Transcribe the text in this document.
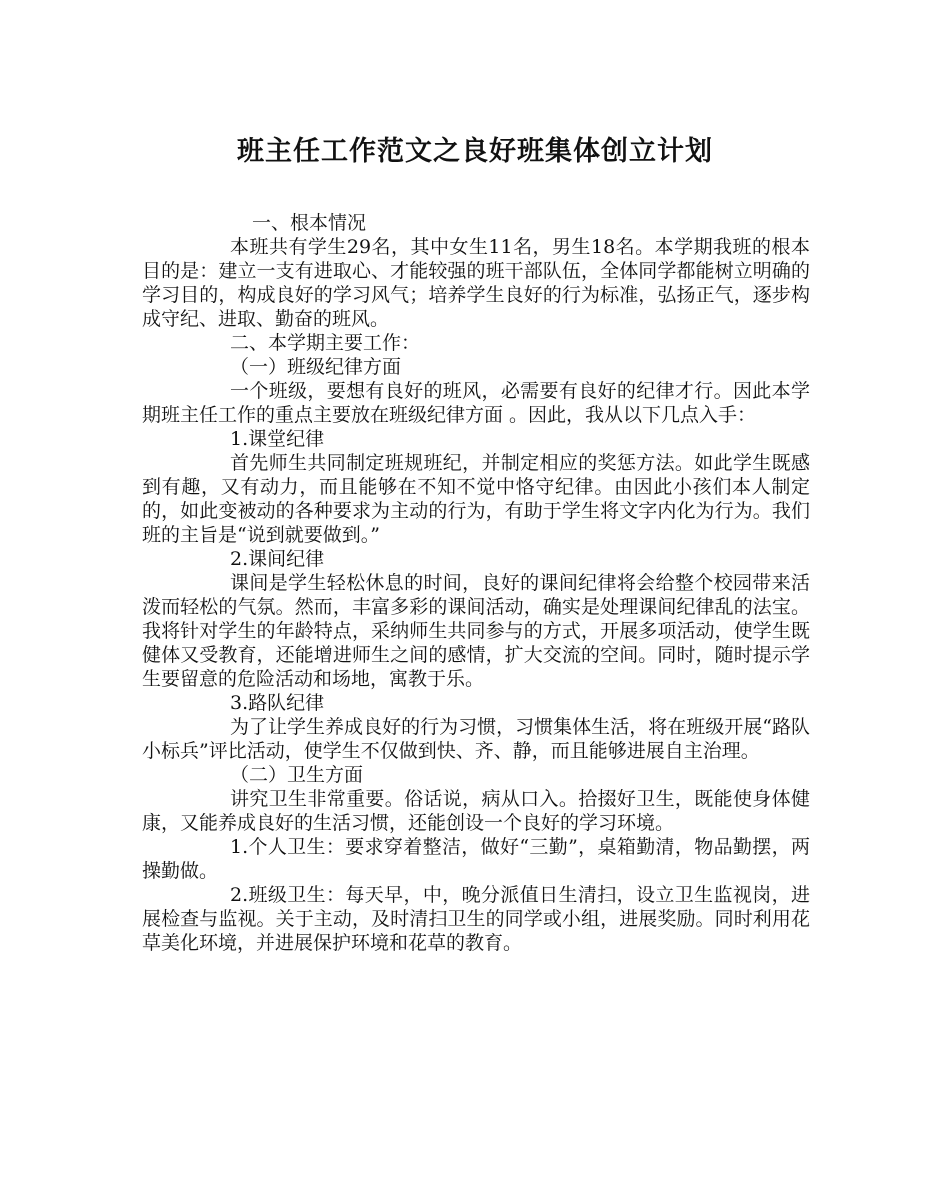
班主任工作范文之良好班集体创立计划

一、根本情况

本班共有学生29名，其中女生11名，男生18名。本学期我班的根本目的是：建立一支有进取心、才能较强的班干部队伍，全体同学都能树立明确的学习目的，构成良好的学习风气；培养学生良好的行为标准，弘扬正气，逐步构成守纪、进取、勤奋的班风。

二、本学期主要工作：

（一）班级纪律方面

一个班级，要想有良好的班风，必需要有良好的纪律才行。因此本学期班主任工作的重点主要放在班级纪律方面 。因此，我从以下几点入手：

1.课堂纪律

首先师生共同制定班规班纪，并制定相应的奖惩方法。如此学生既感到有趣，又有动力，而且能够在不知不觉中恪守纪律。由因此小孩们本人制定的，如此变被动的各种要求为主动的行为，有助于学生将文字内化为行为。我们班的主旨是“说到就要做到。”

2.课间纪律

课间是学生轻松休息的时间，良好的课间纪律将会给整个校园带来活泼而轻松的气氛。然而，丰富多彩的课间活动，确实是处理课间纪律乱的法宝。我将针对学生的年龄特点，采纳师生共同参与的方式，开展多项活动，使学生既健体又受教育，还能增进师生之间的感情，扩大交流的空间。同时，随时提示学生要留意的危险活动和场地，寓教于乐。

3.路队纪律

为了让学生养成良好的行为习惯，习惯集体生活，将在班级开展“路队小标兵”评比活动，使学生不仅做到快、齐、静，而且能够进展自主治理。

（二）卫生方面

讲究卫生非常重要。俗话说，病从口入。拾掇好卫生，既能使身体健康，又能养成良好的生活习惯，还能创设一个良好的学习环境。

1.个人卫生：要求穿着整洁，做好“三勤”，桌箱勤清，物品勤摆，两操勤做。

2.班级卫生：每天早，中，晚分派值日生清扫，设立卫生监视岗，进展检查与监视。关于主动，及时清扫卫生的同学或小组，进展奖励。同时利用花草美化环境，并进展保护环境和花草的教育。
